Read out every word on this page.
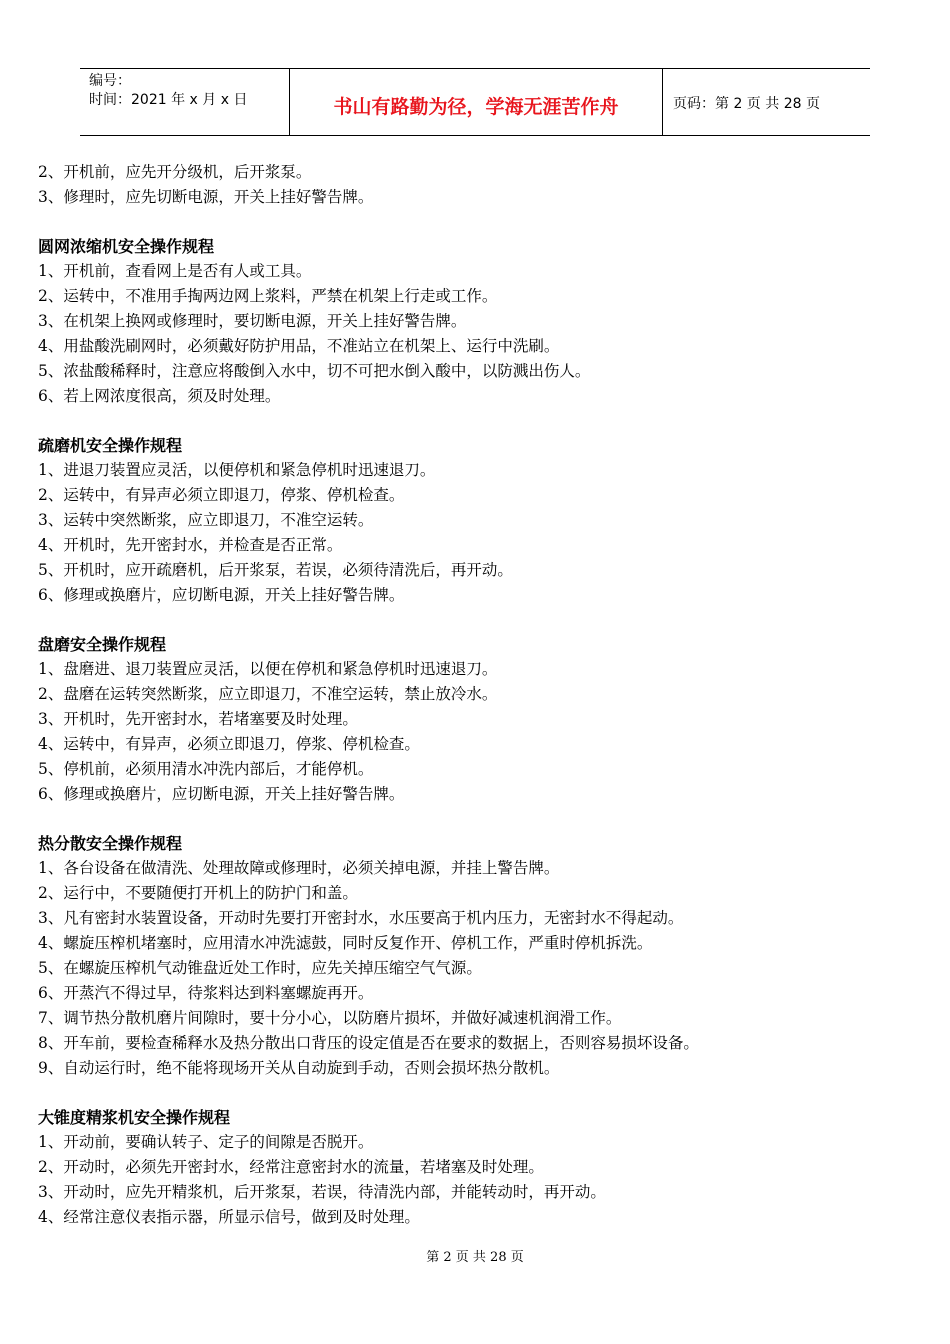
编号：
时间：2021 年 x 月 x 日	书山有路勤为径，学海无涯苦作舟	页码：第 2 页 共 28 页
2、开机前，应先开分级机，后开浆泵。
3、修理时，应先切断电源，开关上挂好警告牌。
圆网浓缩机安全操作规程
1、开机前，查看网上是否有人或工具。
2、运转中，不准用手掏两边网上浆料，严禁在机架上行走或工作。
3、在机架上换网或修理时，要切断电源，开关上挂好警告牌。
4、用盐酸洗刷网时，必须戴好防护用品，不准站立在机架上、运行中洗刷。
5、浓盐酸稀释时，注意应将酸倒入水中，切不可把水倒入酸中，以防溅出伤人。
6、若上网浓度很高，须及时处理。
疏磨机安全操作规程
1、进退刀装置应灵活，以便停机和紧急停机时迅速退刀。
2、运转中，有异声必须立即退刀，停浆、停机检查。
3、运转中突然断浆，应立即退刀，不准空运转。
4、开机时，先开密封水，并检查是否正常。
5、开机时，应开疏磨机，后开浆泵，若误，必须待清洗后，再开动。
6、修理或换磨片，应切断电源，开关上挂好警告牌。
盘磨安全操作规程
1、盘磨进、退刀装置应灵活，以便在停机和紧急停机时迅速退刀。
2、盘磨在运转突然断浆，应立即退刀，不准空运转，禁止放冷水。
3、开机时，先开密封水，若堵塞要及时处理。
4、运转中，有异声，必须立即退刀，停浆、停机检查。
5、停机前，必须用清水冲洗内部后，才能停机。
6、修理或换磨片，应切断电源，开关上挂好警告牌。
热分散安全操作规程
1、各台设备在做清洗、处理故障或修理时，必须关掉电源，并挂上警告牌。
2、运行中，不要随便打开机上的防护门和盖。
3、凡有密封水装置设备，开动时先要打开密封水，水压要高于机内压力，无密封水不得起动。
4、螺旋压榨机堵塞时，应用清水冲洗滤鼓，同时反复作开、停机工作，严重时停机拆洗。
5、在螺旋压榨机气动锥盘近处工作时，应先关掉压缩空气气源。
6、开蒸汽不得过早，待浆料达到料塞螺旋再开。
7、调节热分散机磨片间隙时，要十分小心，以防磨片损坏，并做好减速机润滑工作。
8、开车前，要检查稀释水及热分散出口背压的设定值是否在要求的数据上，否则容易损坏设备。
9、自动运行时，绝不能将现场开关从自动旋到手动，否则会损坏热分散机。
大锥度精浆机安全操作规程
1、开动前，要确认转子、定子的间隙是否脱开。
2、开动时，必须先开密封水，经常注意密封水的流量，若堵塞及时处理。
3、开动时，应先开精浆机，后开浆泵，若误，待清洗内部，并能转动时，再开动。
4、经常注意仪表指示器，所显示信号，做到及时处理。
第 2 页 共 28 页
